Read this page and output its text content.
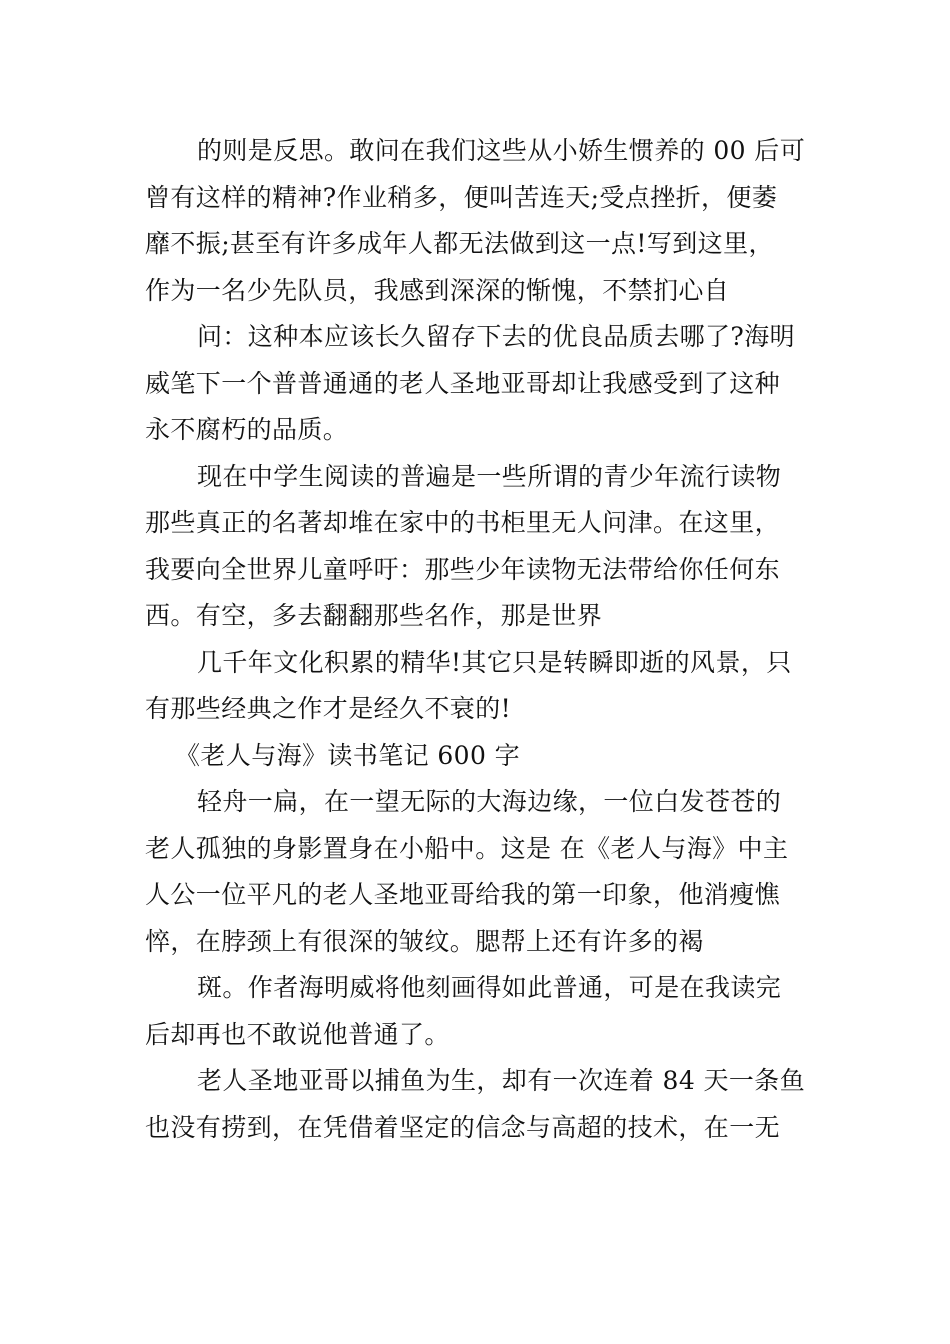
的则是反思。敢问在我们这些从小娇生惯养的 00 后可
曾有这样的精神?作业稍多，便叫苦连天;受点挫折，便萎
靡不振;甚至有许多成年人都无法做到这一点!写到这里，
作为一名少先队员，我感到深深的惭愧，不禁扪心自
问：这种本应该长久留存下去的优良品质去哪了?海明
威笔下一个普普通通的老人圣地亚哥却让我感受到了这种
永不腐朽的品质。
现在中学生阅读的普遍是一些所谓的青少年流行读物
那些真正的名著却堆在家中的书柜里无人问津。在这里，
我要向全世界儿童呼吁：那些少年读物无法带给你任何东
西。有空，多去翻翻那些名作，那是世界
几千年文化积累的精华!其它只是转瞬即逝的风景，只
有那些经典之作才是经久不衰的!
《老人与海》读书笔记 600 字
轻舟一扁，在一望无际的大海边缘，一位白发苍苍的
老人孤独的身影置身在小船中。这是 在《老人与海》中主
人公一位平凡的老人圣地亚哥给我的第一印象，他消瘦憔
悴，在脖颈上有很深的皱纹。腮帮上还有许多的褐
斑。作者海明威将他刻画得如此普通，可是在我读完
后却再也不敢说他普通了。
老人圣地亚哥以捕鱼为生，却有一次连着 84 天一条鱼
也没有捞到，在凭借着坚定的信念与高超的技术，在一无
